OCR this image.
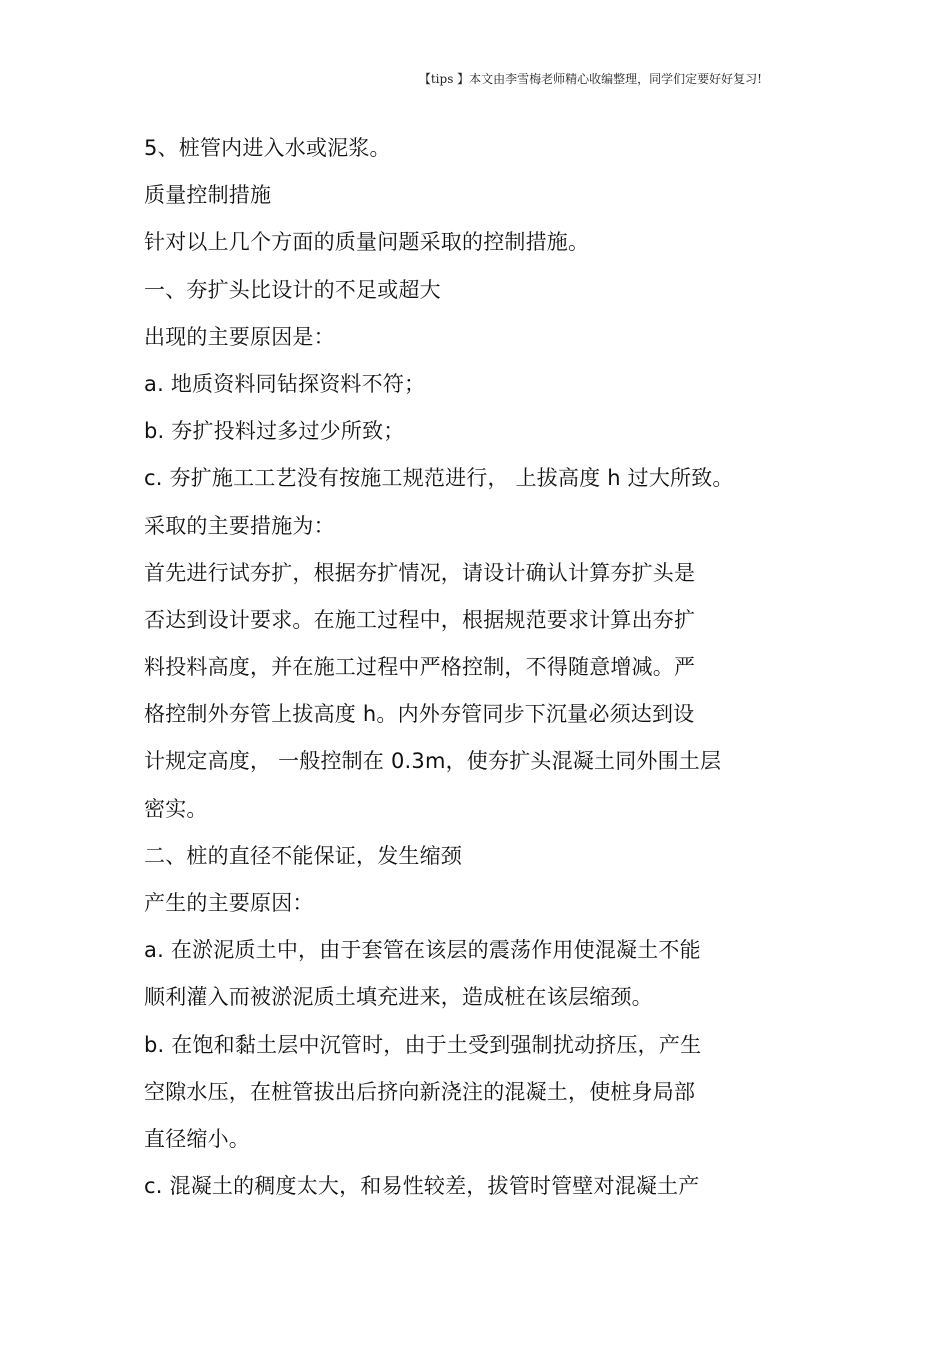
【tips 】本文由李雪梅老师精心收编整理，同学们定要好好复习!
5、桩管内进入水或泥浆。
质量控制措施
针对以上几个方面的质量问题采取的控制措施。
一、夯扩头比设计的不足或超大
出现的主要原因是：
a. 地质资料同钻探资料不符；
b. 夯扩投料过多过少所致；
c. 夯扩施工工艺没有按施工规范进行， 上拔高度 h 过大所致。
采取的主要措施为：
首先进行试夯扩，根据夯扩情况，请设计确认计算夯扩头是
否达到设计要求。在施工过程中，根据规范要求计算出夯扩
料投料高度，并在施工过程中严格控制，不得随意增减。严
格控制外夯管上拔高度 h。内外夯管同步下沉量必须达到设
计规定高度， 一般控制在 0.3m，使夯扩头混凝土同外围土层
密实。
二、桩的直径不能保证，发生缩颈
产生的主要原因：
a. 在淤泥质土中，由于套管在该层的震荡作用使混凝土不能
顺利灌入而被淤泥质土填充进来，造成桩在该层缩颈。
b. 在饱和黏土层中沉管时，由于土受到强制扰动挤压，产生
空隙水压，在桩管拔出后挤向新浇注的混凝土，使桩身局部
直径缩小。
c. 混凝土的稠度太大，和易性较差，拔管时管壁对混凝土产
